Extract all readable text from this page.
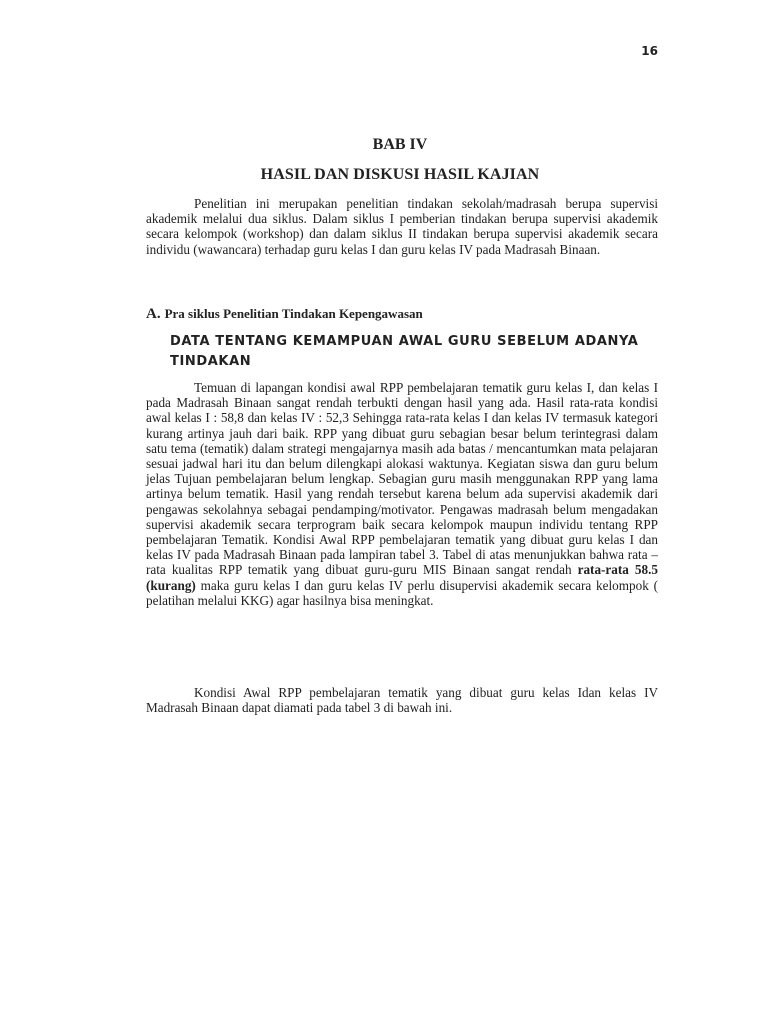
16
BAB IV
HASIL DAN DISKUSI HASIL KAJIAN

Penelitian ini merupakan penelitian tindakan sekolah/madrasah berupa supervisi akademik melalui dua siklus. Dalam siklus I pemberian tindakan berupa supervisi akademik secara kelompok (workshop) dan dalam siklus II tindakan berupa supervisi akademik secara individu (wawancara) terhadap guru kelas I dan guru kelas IV pada Madrasah Binaan.

A. Pra siklus Penelitian Tindakan Kepengawasan
DATA TENTANG KEMAMPUAN AWAL GURU SEBELUM ADANYA TINDAKAN

Temuan di lapangan kondisi awal RPP pembelajaran tematik guru kelas I, dan kelas I pada Madrasah Binaan sangat rendah terbukti dengan hasil yang ada. Hasil rata-rata kondisi awal kelas I : 58,8 dan kelas IV : 52,3 Sehingga rata-rata kelas I dan kelas IV termasuk kategori kurang artinya jauh dari baik. RPP yang dibuat guru sebagian besar belum terintegrasi dalam satu tema (tematik) dalam strategi mengajarnya masih ada batas / mencantumkan mata pelajaran sesuai jadwal hari itu dan belum dilengkapi alokasi waktunya. Kegiatan siswa dan guru belum jelas Tujuan pembelajaran belum lengkap. Sebagian guru masih menggunakan RPP yang lama artinya belum tematik. Hasil yang rendah tersebut karena belum ada supervisi akademik dari pengawas sekolahnya sebagai pendamping/motivator. Pengawas madrasah belum mengadakan supervisi akademik secara terprogram baik secara kelompok maupun individu tentang RPP pembelajaran Tematik. Kondisi Awal RPP pembelajaran tematik yang dibuat guru kelas I dan kelas IV pada Madrasah Binaan pada lampiran tabel 3. Tabel di atas menunjukkan bahwa rata – rata kualitas RPP tematik yang dibuat guru-guru MIS Binaan sangat rendah rata-rata 58.5 (kurang) maka guru kelas I dan guru kelas IV perlu disupervisi akademik secara kelompok ( pelatihan melalui KKG) agar hasilnya bisa meningkat.

Kondisi Awal RPP pembelajaran tematik yang dibuat guru kelas Idan kelas IV Madrasah Binaan dapat diamati pada tabel 3 di bawah ini.
